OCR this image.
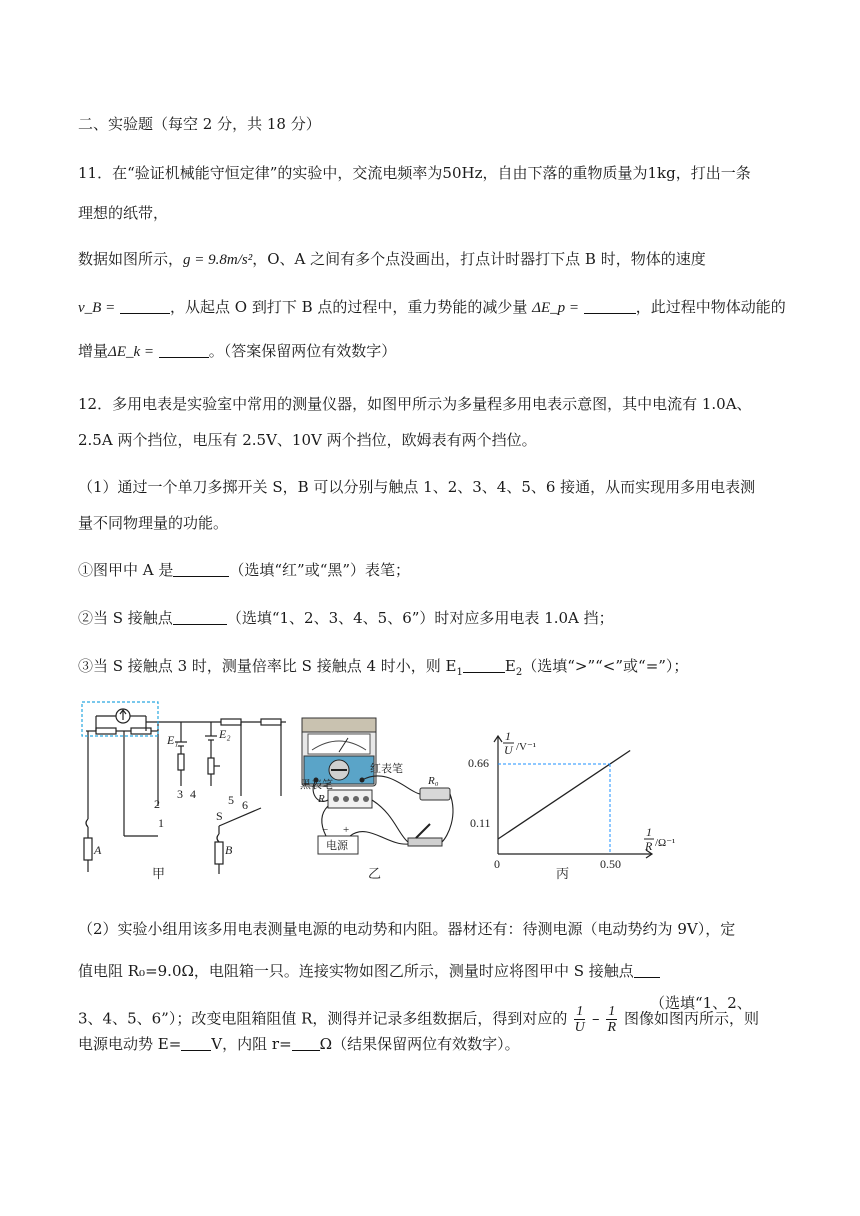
二、实验题（每空 2 分，共 18 分）
11．在“验证机械能守恒定律”的实验中，交流电频率为50Hz，自由下落的重物质量为1kg，打出一条
理想的纸带，
数据如图所示，g = 9.8m/s²，O、A 之间有多个点没画出，打点计时器打下点 B 时，物体的速度
v_B =	，从起点 O 到打下 B 点的过程中，重力势能的减少量 ΔE_p =	，此过程中物体动能的
增量ΔE_k =	。（答案保留两位有效数字）
12．多用电表是实验室中常用的测量仪器，如图甲所示为多量程多用电表示意图，其中电流有 1.0A、
2.5A 两个挡位，电压有 2.5V、10V 两个挡位，欧姆表有两个挡位。
（1）通过一个单刀多掷开关 S，B 可以分别与触点 1、2、3、4、5、6 接通，从而实现用多用电表测
量不同物理量的功能。
①图甲中 A 是	（选填“红”或“黑”）表笔；
②当 S 接触点	（选填“1、2、3、4、5、6”）时对应多用电表 1.0A 挡；
③当 S 接触点 3 时，测量倍率比 S 接触点 4 时小，则 $E_1$	$E_2$（选填“>”“<”或“=”）；
E₁	E₂
2
1
3 4	5 6
S
A	B
甲
红表笔
黑表笔	R₀
R
− +
电源
乙
1
U /V⁻¹
1
R /Ω⁻¹
0.66
0.11
0	0.50
丙
（2）实验小组用该多用电表测量电源的电动势和内阻。器材还有：待测电源（电动势约为 9V），定
值电阻 R₀=9.0Ω，电阻箱一只。连接实物如图乙所示，测量时应将图甲中 S 接触点
（选填“1、2、
3、4、5、6”）；改变电阻箱阻值 R，测得并记录多组数据后，得到对应的 $\frac{1}{U} - \frac{1}{R}$ 图像如图丙所示，则
电源电动势 E= V，内阻 r= Ω（结果保留两位有效数字）。
